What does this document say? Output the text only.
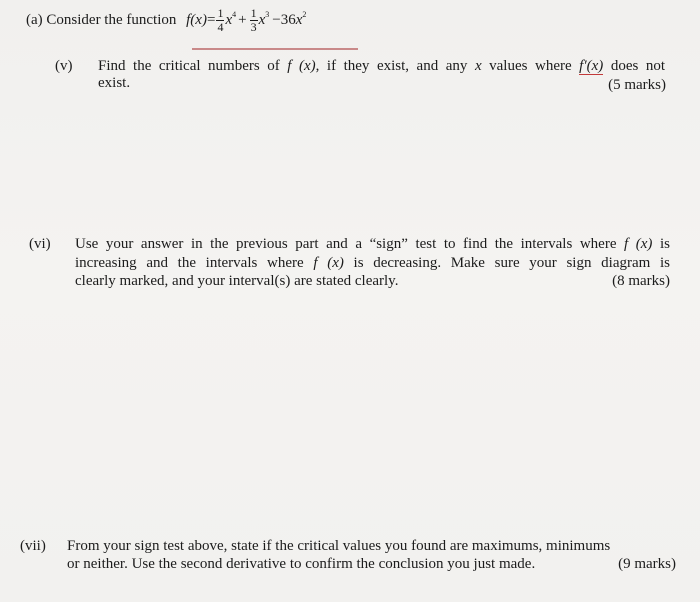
(a) Consider the function $f(x)= \frac{1}{4} x^4 + \frac{1}{3} x^3 -36x^2$
(v) Find the critical numbers of f (x), if they exist, and any x values where f′(x) does not
exist.	(5 marks)
(vi) Use your answer in the previous part and a “sign” test to find the intervals where f (x) is
increasing and the intervals where f (x) is decreasing. Make sure your sign diagram is
clearly marked, and your interval(s) are stated clearly.	(8 marks)
(vii) From your sign test above, state if the critical values you found are maximums, minimums
or neither. Use the second derivative to confirm the conclusion you just made.	(9 marks)
